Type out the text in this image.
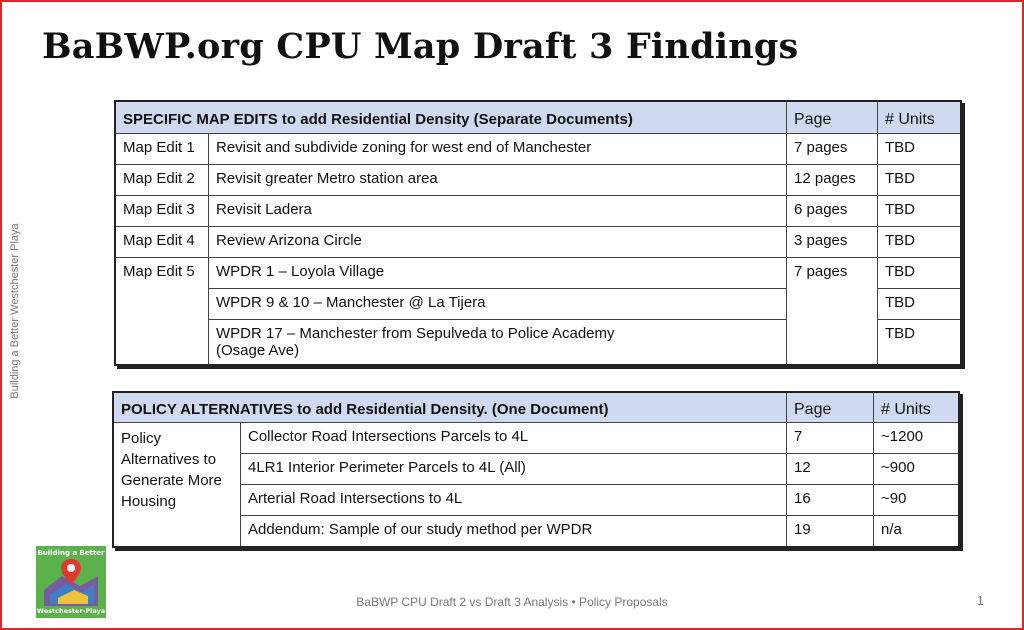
BaBWP.org CPU Map Draft 3 Findings
Building a Better Westchester Playa
SPECIFIC MAP EDITS to add Residential Density (Separate Documents)		Page	# Units
Map Edit 1	Revisit and subdivide zoning for west end of Manchester	7 pages	TBD
Map Edit 2	Revisit greater Metro station area	12 pages	TBD
Map Edit 3	Revisit Ladera	6 pages	TBD
Map Edit 4	Review Arizona Circle	3 pages	TBD
Map Edit 5	WPDR 1 – Loyola Village	7 pages	TBD
	WPDR 9 & 10 – Manchester @ La Tijera		TBD

	WPDR 17 – Manchester from Sepulveda to Police Academy
(Osage Ave)		TBD
POLICY ALTERNATIVES to add Residential Density. (One Document)		Page	# Units
Policy Alternatives to Generate More Housing	Collector Road Intersections Parcels to 4L	7	~1200
	4LR1 Interior Perimeter Parcels to 4L (All)	12	~900
	Arterial Road Intersections to 4L	16	~90
	Addendum: Sample of our study method per WPDR	19	n/a
Building a Better
Westchester-Playa
BaBWP CPU Draft 2 vs Draft 3 Analysis • Policy Proposals	1
